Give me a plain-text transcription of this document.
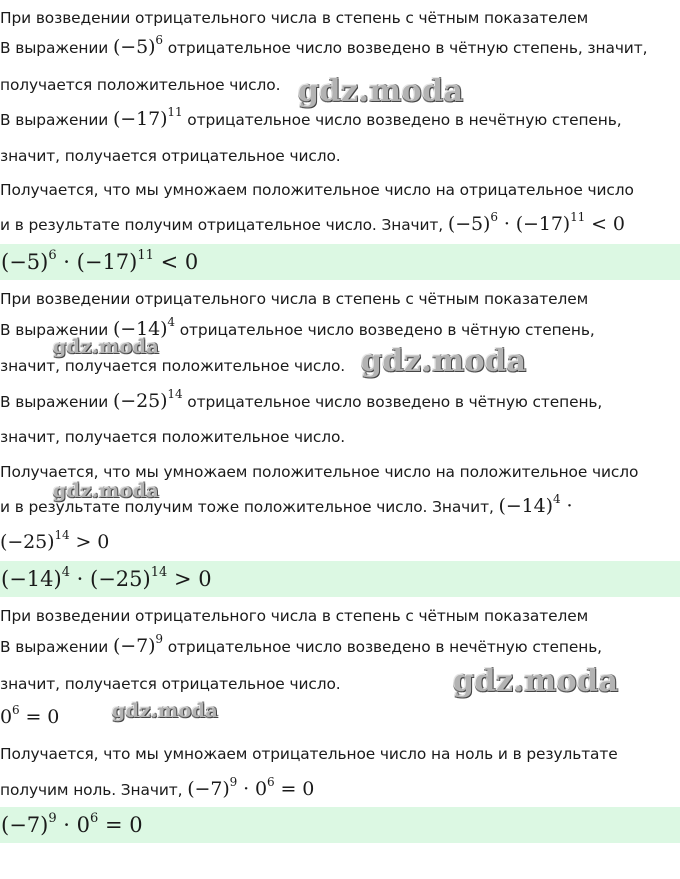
При возведении отрицательного числа в степень с чётным показателем
В выражении $(-5)^6$ отрицательное число возведено в чётную степень, значит,
получается положительное число.
В выражении $(-17)^{11}$ отрицательное число возведено в нечётную степень,
значит, получается отрицательное число.
Получается, что мы умножаем положительное число на отрицательное число
и в результате получим отрицательное число. Значит, $(-5)^6 \cdot (-17)^{11} < 0$
$(-5)^6 \cdot (-17)^{11} < 0$
При возведении отрицательного числа в степень с чётным показателем
В выражении $(-14)^4$ отрицательное число возведено в чётную степень,
значит, получается положительное число.
В выражении $(-25)^{14}$ отрицательное число возведено в чётную степень,
значит, получается положительное число.
Получается, что мы умножаем положительное число на положительное число
и в результате получим тоже положительное число. Значит, $(-14)^4$ ·
$(-25)^{14} > 0$
$(-14)^4 \cdot (-25)^{14} > 0$
При возведении отрицательного числа в степень с чётным показателем
В выражении $(-7)^9$ отрицательное число возведено в нечётную степень,
значит, получается отрицательное число.
$0^6 = 0$
Получается, что мы умножаем отрицательное число на ноль и в результате
получим ноль. Значит, $(-7)^9 \cdot 0^6 = 0$
$(-7)^9 \cdot 0^6 = 0$
gdz.moda
gdz.moda	gdz.moda
gdz.moda
gdz.moda
gdz.moda
